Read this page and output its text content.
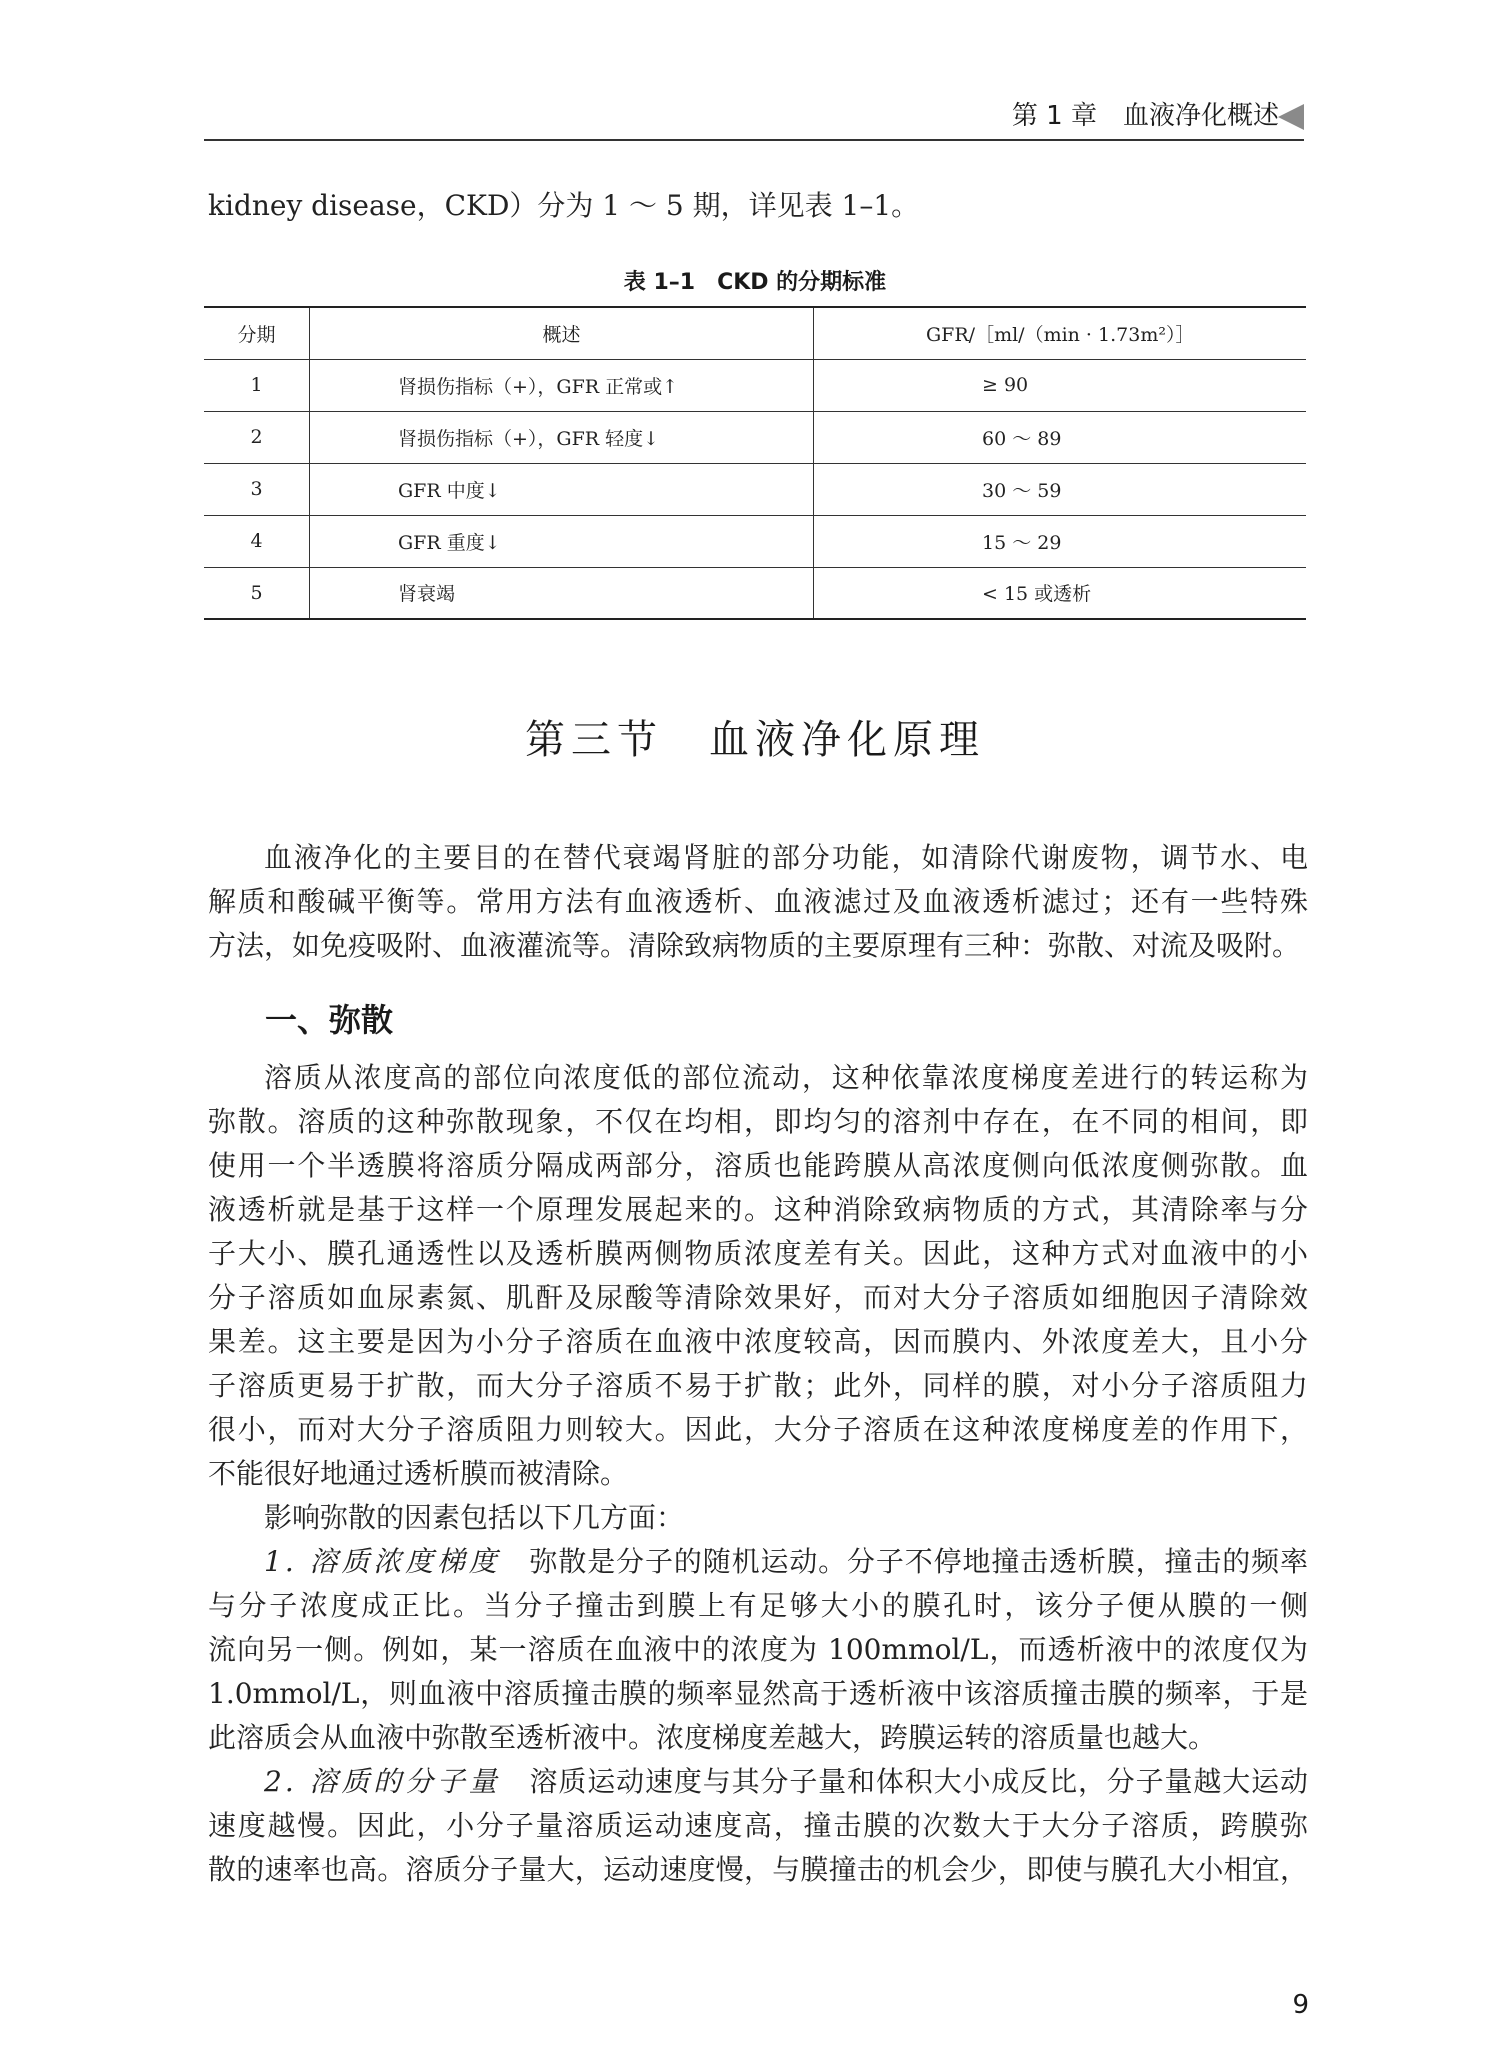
第 1 章　血液净化概述
kidney disease，CKD）分为 1 ～ 5 期，详见表 1–1。
表 1–1　CKD 的分期标准
分期	概述	GFR/［ml/（min · 1.73m²）］
1	肾损伤指标（+），GFR 正常或↑	≥ 90
2	肾损伤指标（+），GFR 轻度↓	60 ～ 89
3	GFR 中度↓	30 ～ 59
4	GFR 重度↓	15 ～ 29
5	肾衰竭	< 15 或透析
第三节　血液净化原理
血液净化的主要目的在替代衰竭肾脏的部分功能，如清除代谢废物，调节水、电
解质和酸碱平衡等。常用方法有血液透析、血液滤过及血液透析滤过；还有一些特殊
方法，如免疫吸附、血液灌流等。清除致病物质的主要原理有三种：弥散、对流及吸附。
一、弥散
溶质从浓度高的部位向浓度低的部位流动，这种依靠浓度梯度差进行的转运称为
弥散。溶质的这种弥散现象，不仅在均相，即均匀的溶剂中存在，在不同的相间，即
使用一个半透膜将溶质分隔成两部分，溶质也能跨膜从高浓度侧向低浓度侧弥散。血
液透析就是基于这样一个原理发展起来的。这种消除致病物质的方式，其清除率与分
子大小、膜孔通透性以及透析膜两侧物质浓度差有关。因此，这种方式对血液中的小
分子溶质如血尿素氮、肌酐及尿酸等清除效果好，而对大分子溶质如细胞因子清除效
果差。这主要是因为小分子溶质在血液中浓度较高，因而膜内、外浓度差大，且小分
子溶质更易于扩散，而大分子溶质不易于扩散；此外，同样的膜，对小分子溶质阻力
很小，而对大分子溶质阻力则较大。因此，大分子溶质在这种浓度梯度差的作用下，
不能很好地通过透析膜而被清除。
影响弥散的因素包括以下几方面：
1. 溶质浓度梯度　 弥散是分子的随机运动。分子不停地撞击透析膜，撞击的频率
与分子浓度成正比。当分子撞击到膜上有足够大小的膜孔时，该分子便从膜的一侧
流向另一侧。例如，某一溶质在血液中的浓度为 100mmol/L，而透析液中的浓度仅为
1.0mmol/L，则血液中溶质撞击膜的频率显然高于透析液中该溶质撞击膜的频率，于是
此溶质会从血液中弥散至透析液中。浓度梯度差越大，跨膜运转的溶质量也越大。
2. 溶质的分子量　 溶质运动速度与其分子量和体积大小成反比，分子量越大运动
速度越慢。因此，小分子量溶质运动速度高，撞击膜的次数大于大分子溶质，跨膜弥
散的速率也高。溶质分子量大，运动速度慢，与膜撞击的机会少，即使与膜孔大小相宜，
9
